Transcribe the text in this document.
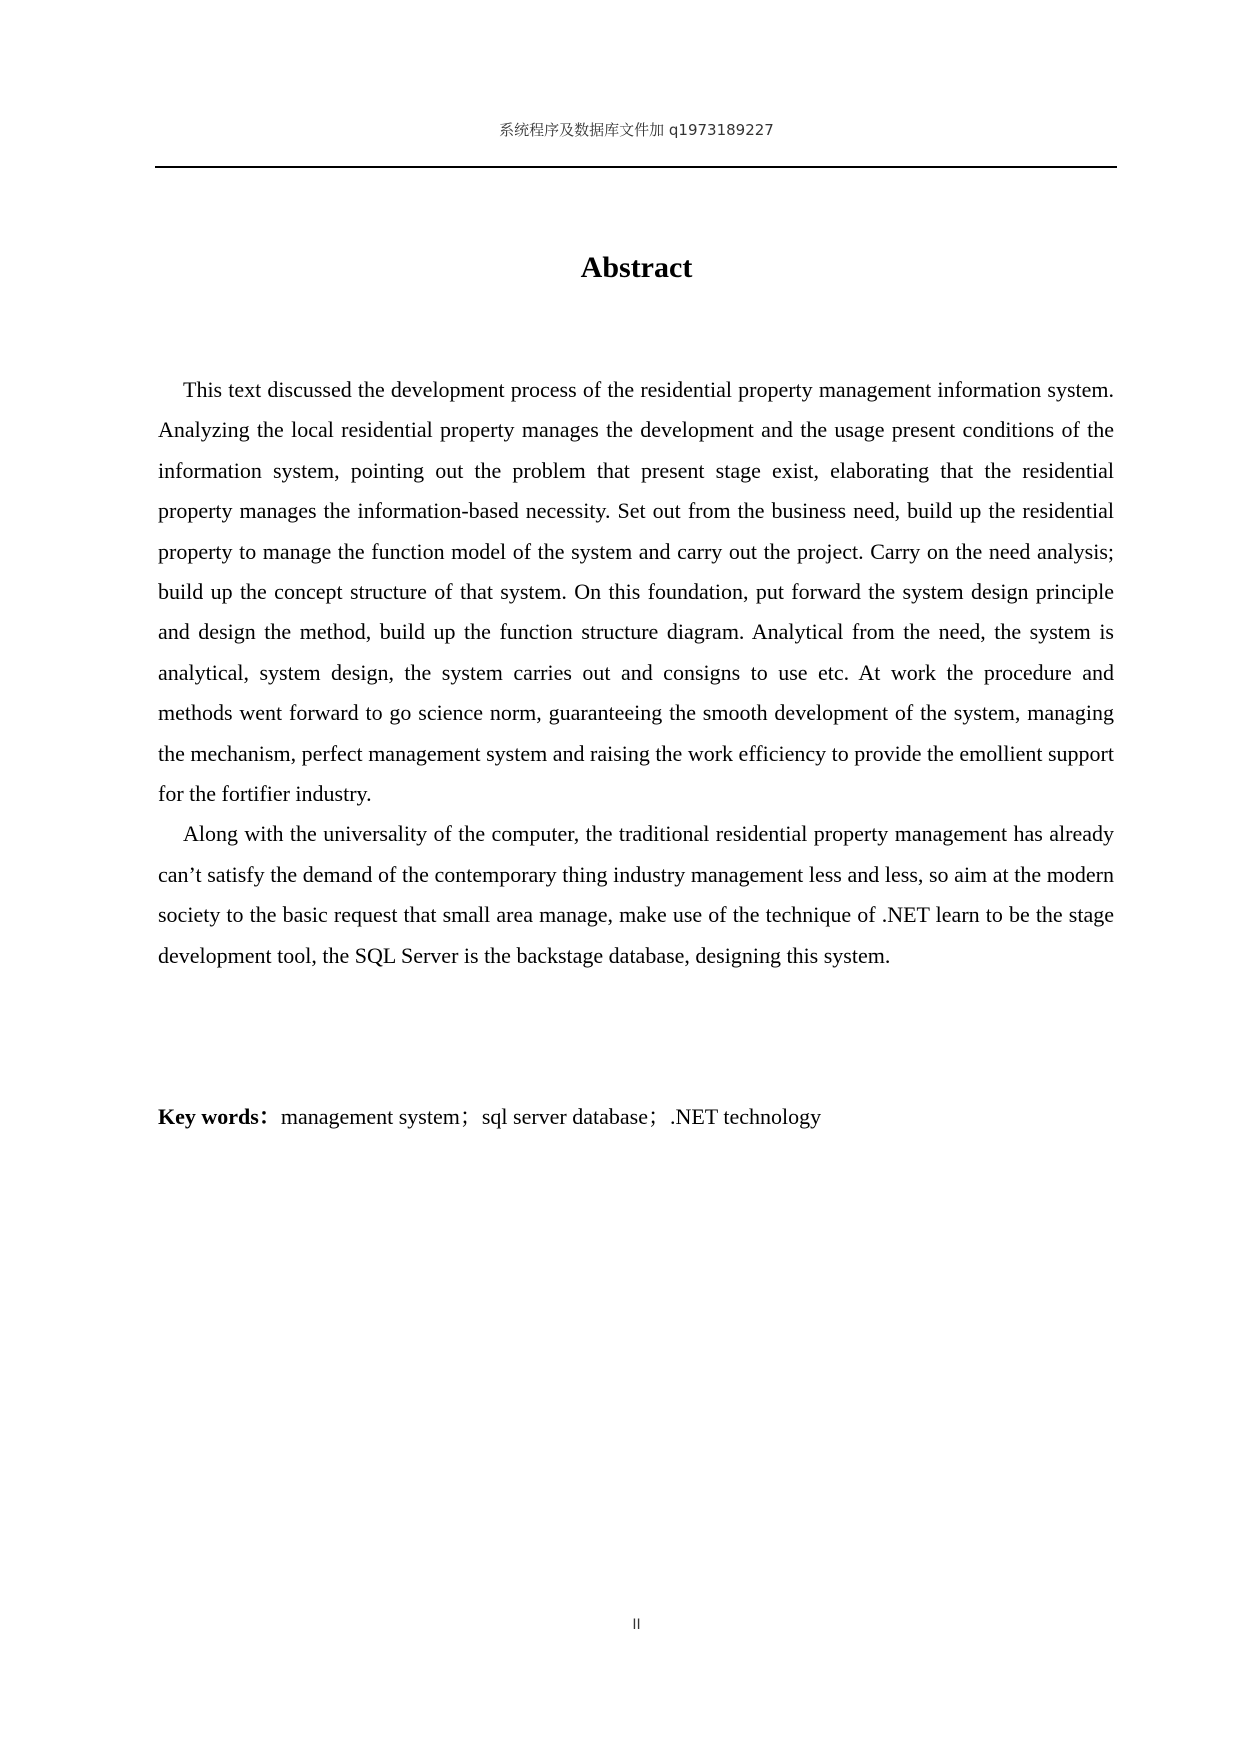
系统程序及数据库文件加 q1973189227
Abstract

This text discussed the development process of the residential property management information system. Analyzing the local residential property manages the development and the usage present conditions of the information system, pointing out the problem that present stage exist, elaborating that the residential property manages the information-based necessity. Set out from the business need, build up the residential property to manage the function model of the system and carry out the project. Carry on the need analysis; build up the concept structure of that system. On this foundation, put forward the system design principle and design the method, build up the function structure diagram. Analytical from the need, the system is analytical, system design, the system carries out and consigns to use etc. At work the procedure and methods went forward to go science norm, guaranteeing the smooth development of the system, managing the mechanism, perfect management system and raising the work efficiency to provide the emollient support for the fortifier industry.

Along with the universality of the computer, the traditional residential property management has already can’t satisfy the demand of the contemporary thing industry management less and less, so aim at the modern society to the basic request that small area manage, make use of the technique of .NET learn to be the stage development tool, the SQL Server is the backstage database, designing this system.

Key words：management system；sql server database；.NET technology
II
